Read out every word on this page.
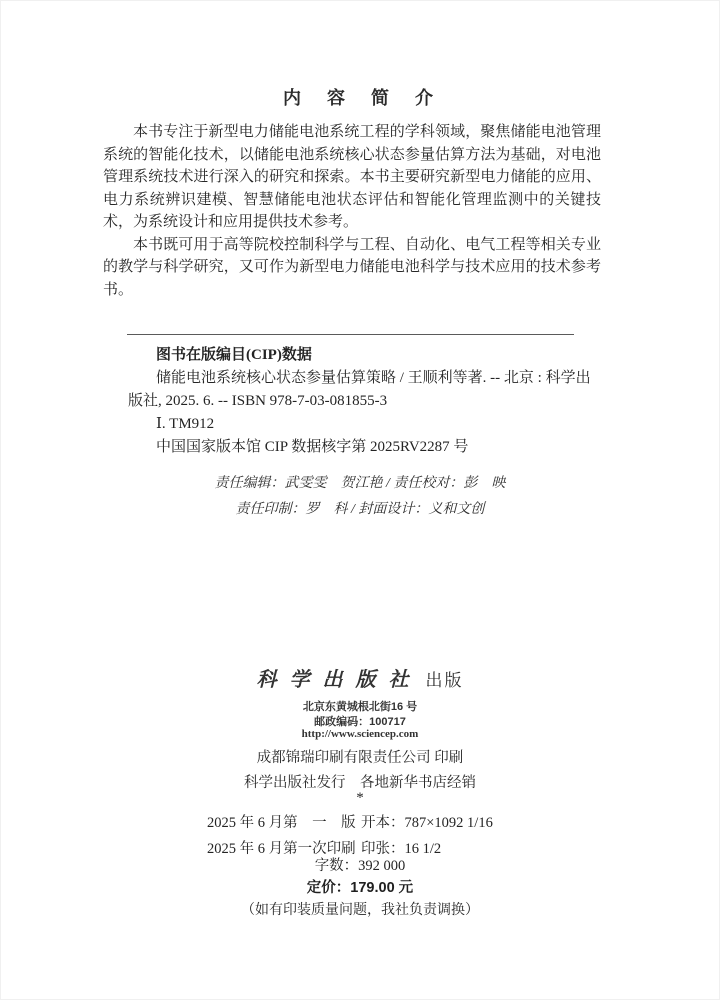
内　容　简　介

本书专注于新型电力储能电池系统工程的学科领域，聚焦储能电池管理系统的智能化技术，以储能电池系统核心状态参量估算方法为基础，对电池管理系统技术进行深入的研究和探索。本书主要研究新型电力储能的应用、电力系统辨识建模、智慧储能电池状态评估和智能化管理监测中的关键技术，为系统设计和应用提供技术参考。

本书既可用于高等院校控制科学与工程、自动化、电气工程等相关专业的教学与科学研究，又可作为新型电力储能电池科学与技术应用的技术参考书。

图书在版编目(CIP)数据
储能电池系统核心状态参量估算策略 / 王顺利等著. -- 北京 : 科学出
版社, 2025. 6. -- ISBN 978-7-03-081855-3
Ⅰ. TM912
中国国家版本馆 CIP 数据核字第 2025RV2287 号
责任编辑：武雯雯　贺江艳 / 责任校对：彭　映
责任印制：罗　科 / 封面设计：义和文创
科学出版社 出版
北京东黄城根北街16 号
邮政编码：100717
http://www.sciencep.com
成都锦瑞印刷有限责任公司 印刷
科学出版社发行　各地新华书店经销
*
2025 年 6 月第　一　版 开本：787×1092 1/16
2025 年 6 月第一次印刷 印张：16 1/2
字数：392 000
定价：179.00 元
（如有印装质量问题，我社负责调换）
